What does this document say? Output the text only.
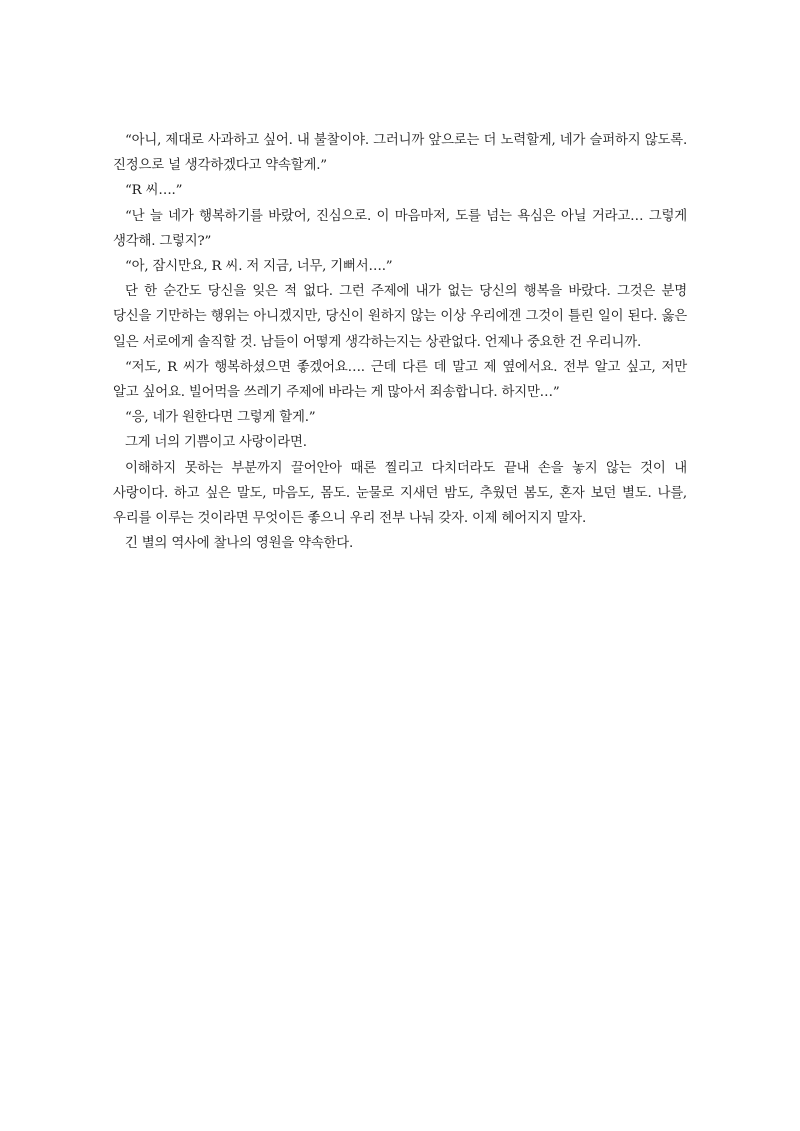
“아니, 제대로 사과하고 싶어. 내 불찰이야. 그러니까 앞으로는 더 노력할게, 네가 슬퍼하지 않도록. 진정으로 널 생각하겠다고 약속할게.”

“R 씨….”

“난 늘 네가 행복하기를 바랐어, 진심으로. 이 마음마저, 도를 넘는 욕심은 아닐 거라고… 그렇게 생각해. 그렇지?”

“아, 잠시만요, R 씨. 저 지금, 너무, 기뻐서….”

단 한 순간도 당신을 잊은 적 없다. 그런 주제에 내가 없는 당신의 행복을 바랐다. 그것은 분명 당신을 기만하는 행위는 아니겠지만, 당신이 원하지 않는 이상 우리에겐 그것이 틀린 일이 된다. 옳은 일은 서로에게 솔직할 것. 남들이 어떻게 생각하는지는 상관없다. 언제나 중요한 건 우리니까.

“저도, R 씨가 행복하셨으면 좋겠어요…. 근데 다른 데 말고 제 옆에서요. 전부 알고 싶고, 저만 알고 싶어요. 빌어먹을 쓰레기 주제에 바라는 게 많아서 죄송합니다. 하지만…”

“응, 네가 원한다면 그렇게 할게.”

그게 너의 기쁨이고 사랑이라면.

이해하지 못하는 부분까지 끌어안아 때론 찔리고 다치더라도 끝내 손을 놓지 않는 것이 내 사랑이다. 하고 싶은 말도, 마음도, 몸도. 눈물로 지새던 밤도, 추웠던 봄도, 혼자 보던 별도. 나를, 우리를 이루는 것이라면 무엇이든 좋으니 우리 전부 나눠 갖자. 이제 헤어지지 말자.

긴 별의 역사에 찰나의 영원을 약속한다.
